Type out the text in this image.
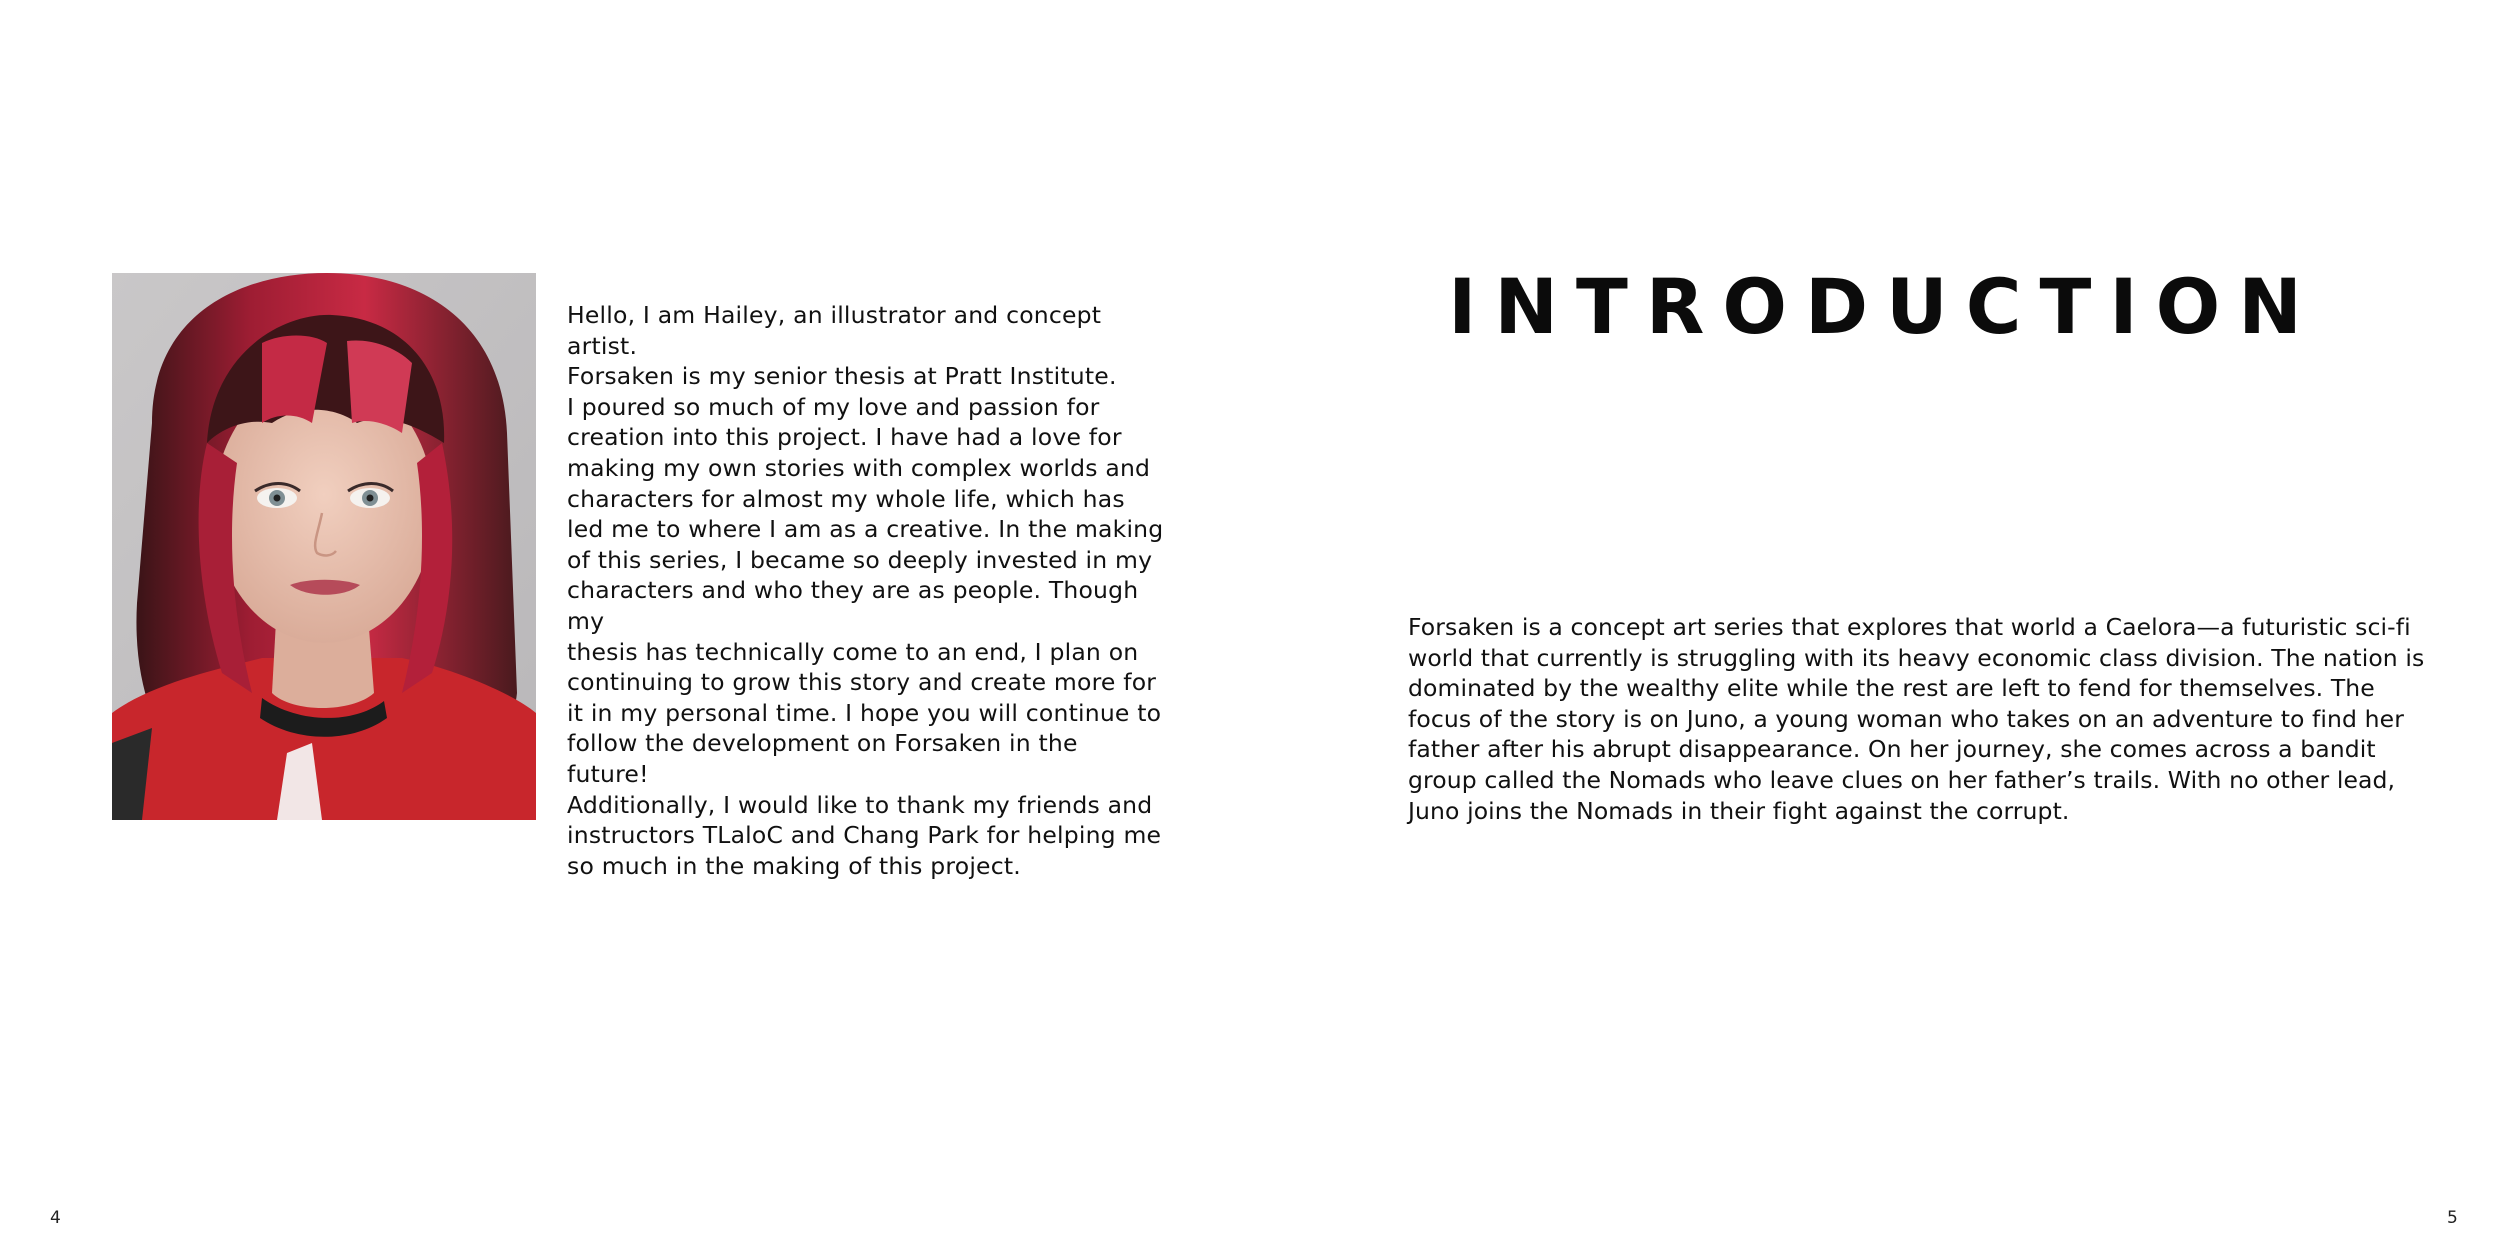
Hello, I am Hailey, an illustrator and concept artist.
Forsaken is my senior thesis at Pratt Institute.
I poured so much of my love and passion for
creation into this project. I have had a love for
making my own stories with complex worlds and
characters for almost my whole life, which has
led me to where I am as a creative. In the making
of this series, I became so deeply invested in my
characters and who they are as people. Though my
thesis has technically come to an end, I plan on
continuing to grow this story and create more for
it in my personal time. I hope you will continue to
follow the development on Forsaken in the future!
Additionally, I would like to thank my friends and
instructors TLaloC and Chang Park for helping me
so much in the making of this project.

4
INTRODUCTION

Forsaken is a concept art series that explores that world a Caelora—a futuristic sci-fi world that currently is struggling with its heavy economic class division. The nation is dominated by the wealthy elite while the rest are left to fend for themselves. The focus of the story is on Juno, a young woman who takes on an adventure to find her father after his abrupt disappearance. On her journey, she comes across a bandit group called the Nomads who leave clues on her father’s trails. With no other lead, Juno joins the Nomads in their fight against the corrupt.

5
